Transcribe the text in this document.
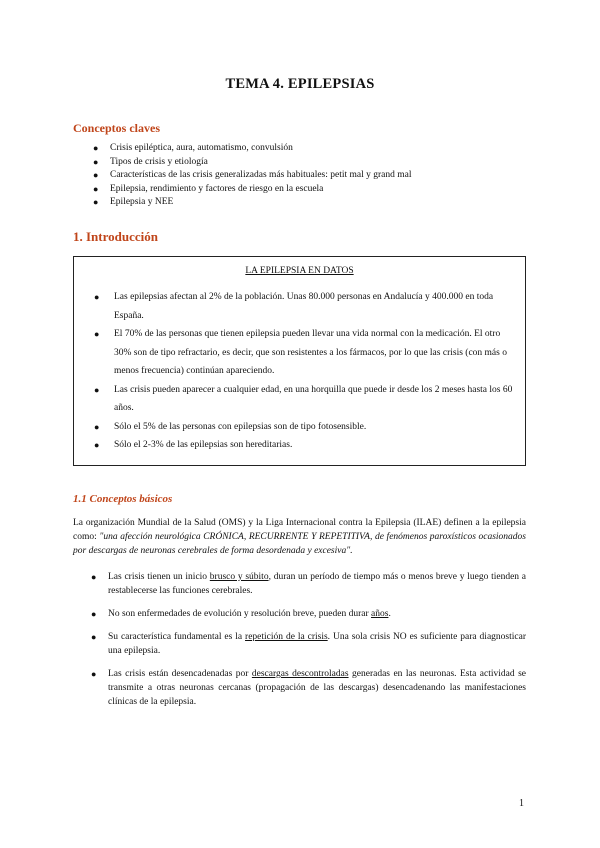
TEMA 4. EPILEPSIAS
Conceptos claves
● Crisis epiléptica, aura, automatismo, convulsión
● Tipos de crisis y etiología
● Características de las crisis generalizadas más habituales: petit mal y grand mal
● Epilepsia, rendimiento y factores de riesgo en la escuela
● Epilepsia y NEE
1. Introducción

LA EPILEPSIA EN DATOS

● Las epilepsias afectan al 2% de la población. Unas 80.000 personas en Andalucía y 400.000 en toda España.
● El 70% de las personas que tienen epilepsia pueden llevar una vida normal con la medicación. El otro 30% son de tipo refractario, es decir, que son resistentes a los fármacos, por lo que las crisis (con más o menos frecuencia) continúan apareciendo.
● Las crisis pueden aparecer a cualquier edad, en una horquilla que puede ir desde los 2 meses hasta los 60 años.
● Sólo el 5% de las personas con epilepsias son de tipo fotosensible.
● Sólo el 2-3% de las epilepsias son hereditarias.
1.1 Conceptos básicos

La organización Mundial de la Salud (OMS) y la Liga Internacional contra la Epilepsia (ILAE) definen a la epilepsia como: "una afección neurológica CRÓNICA, RECURRENTE Y REPETITIVA, de fenómenos paroxísticos ocasionados por descargas de neuronas cerebrales de forma desordenada y excesiva".

● Las crisis tienen un inicio brusco y súbito, duran un período de tiempo más o menos breve y luego tienden a restablecerse las funciones cerebrales.
● No son enfermedades de evolución y resolución breve, pueden durar años.
● Su característica fundamental es la repetición de la crisis. Una sola crisis NO es suficiente para diagnosticar una epilepsia.
● Las crisis están desencadenadas por descargas descontroladas generadas en las neuronas. Esta actividad se transmite a otras neuronas cercanas (propagación de las descargas) desencadenando las manifestaciones clínicas de la epilepsia.

1
